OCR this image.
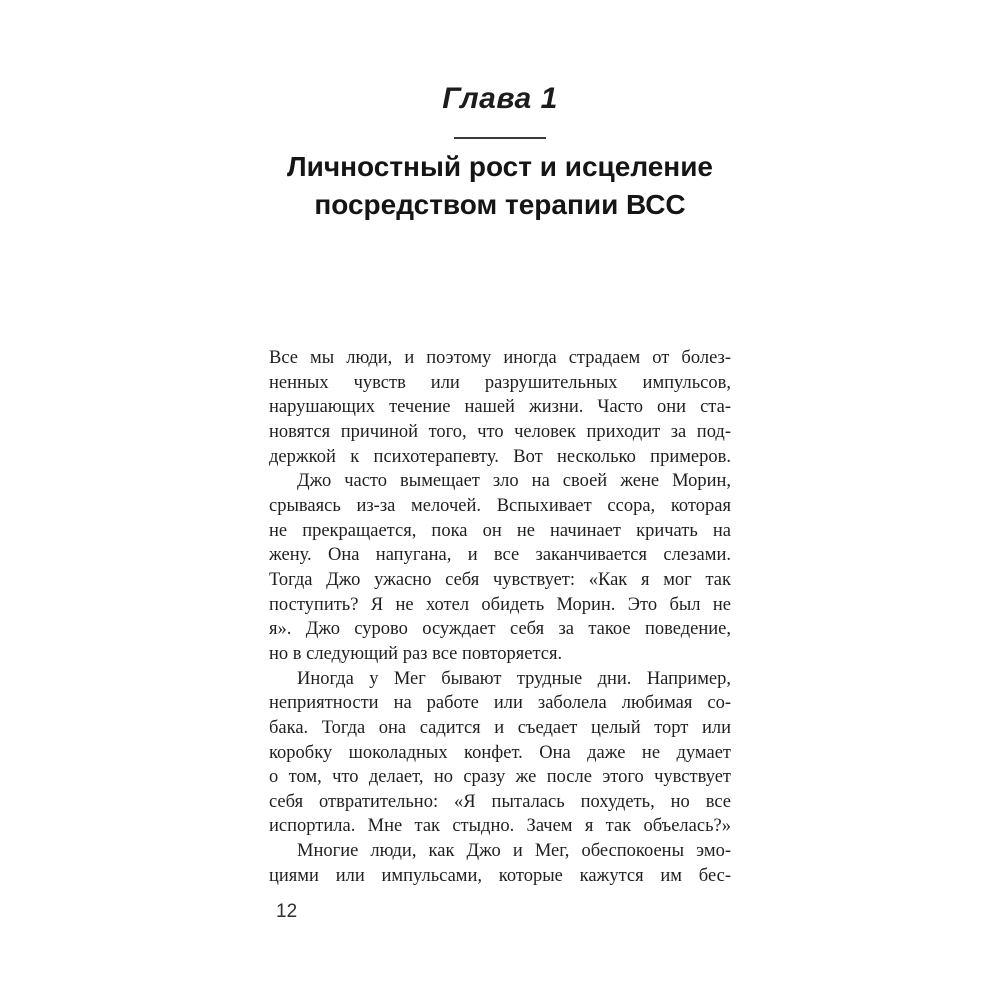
Глава 1
Личностный рост и исцеление
посредством терапии ВСС
Все мы люди, и поэтому иногда страдаем от болез-
ненных чувств или разрушительных импульсов,
нарушающих течение нашей жизни. Часто они ста-
новятся причиной того, что человек приходит за под-
держкой к психотерапевту. Вот несколько примеров.
Джо часто вымещает зло на своей жене Морин,
срываясь из-за мелочей. Вспыхивает ссора, которая
не прекращается, пока он не начинает кричать на
жену. Она напугана, и все заканчивается слезами.
Тогда Джо ужасно себя чувствует: «Как я мог так
поступить? Я не хотел обидеть Морин. Это был не
я». Джо сурово осуждает себя за такое поведение,
но в следующий раз все повторяется.
Иногда у Мег бывают трудные дни. Например,
неприятности на работе или заболела любимая со-
бака. Тогда она садится и съедает целый торт или
коробку шоколадных конфет. Она даже не думает
о том, что делает, но сразу же после этого чувствует
себя отвратительно: «Я пыталась похудеть, но все
испортила. Мне так стыдно. Зачем я так объелась?»
Многие люди, как Джо и Мег, обеспокоены эмо-
циями или импульсами, которые кажутся им бес-
12
